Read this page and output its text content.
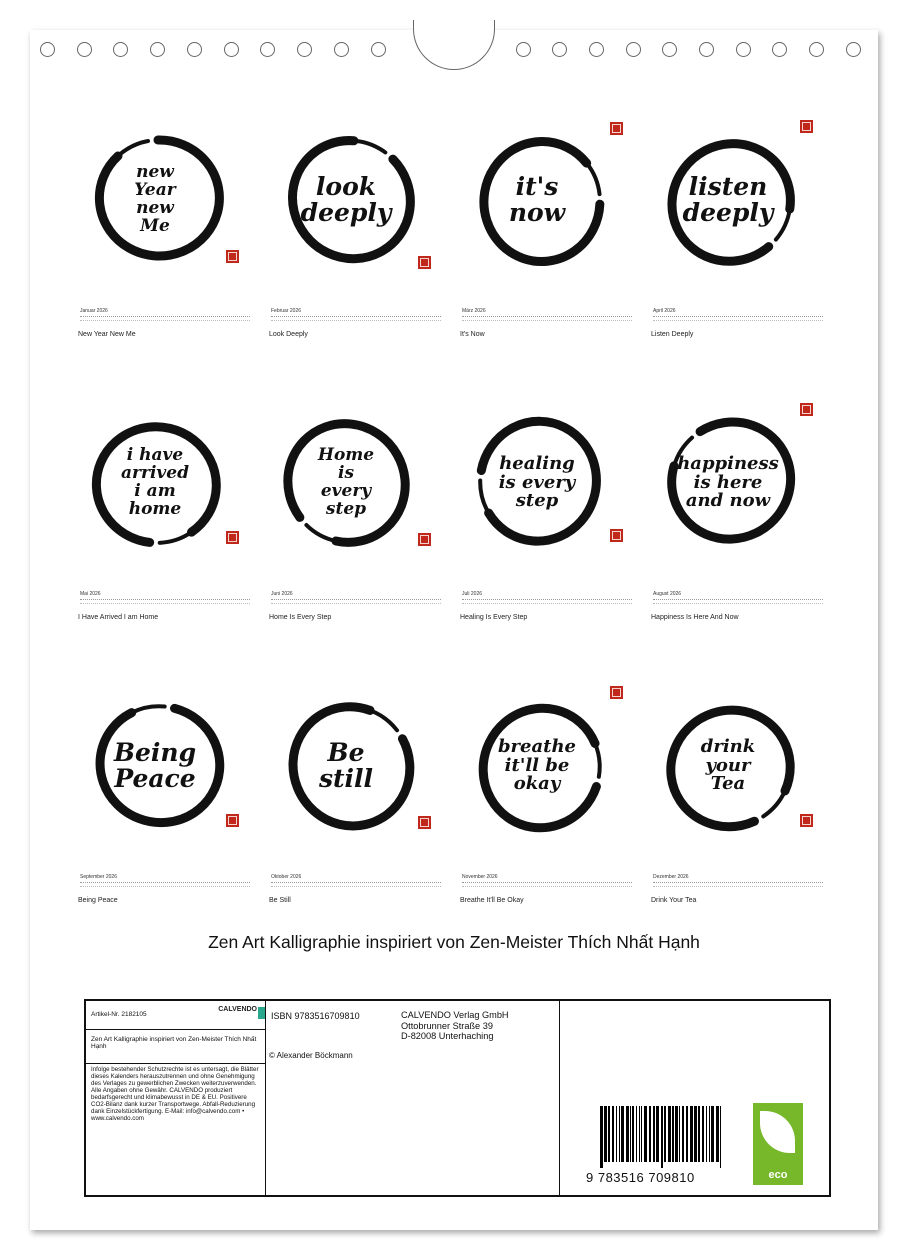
new
Year
new
Me
Januar 2026
New Year New Me
look
deeply
Februar 2026
Look Deeply
it's
now
März 2026
It's Now
listen
deeply
April 2026
Listen Deeply
i have
arrived
i am
home
Mai 2026
I Have Arrived I am Home
Home
is
every
step
Juni 2026
Home Is Every Step
healing
is every
step
Juli 2026
Healing Is Every Step
happiness
is here
and now
August 2026
Happiness Is Here And Now
Being
Peace
September 2026
Being Peace
Be
still
Oktober 2026
Be Still
breathe
it'll be
okay
November 2026
Breathe It'll Be Okay
drink
your
Tea
Dezember 2026
Drink Your Tea
Zen Art Kalligraphie inspiriert von Zen-Meister Thích Nhất Hạnh
Artikel-Nr. 2182105
CALVENDO
Zen Art Kalligraphie inspiriert von Zen-Meister Thích Nhất Hạnh
Infolge bestehender Schutzrechte ist es untersagt, die Blätter dieses Kalenders herauszutrennen und ohne Genehmigung des Verlages zu gewerblichen Zwecken weiterzuverwenden. Alle Angaben ohne Gewähr. CALVENDO produziert bedarfsgerecht und klimabewusst in DE & EU. Positivere CO2-Bilanz dank kurzer Transportwege. Abfall-Reduzierung dank Einzelstückfertigung. E-Mail: info@calvendo.com • www.calvendo.com
ISBN 9783516709810
© Alexander Böckmann
CALVENDO Verlag GmbH
Ottobrunner Straße 39
D-82008 Unterhaching
9 783516 709810	eco
